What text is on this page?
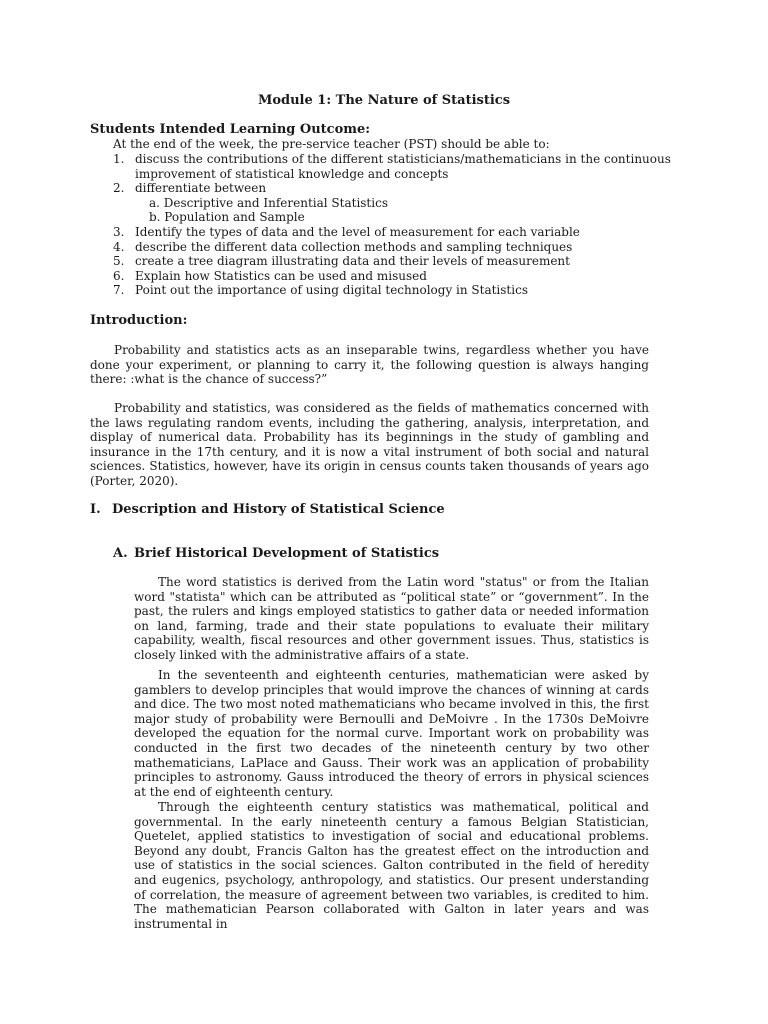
Module 1: The Nature of Statistics
Students Intended Learning Outcome:
At the end of the week, the pre-service teacher (PST) should be able to:
1. discuss the contributions of the different statisticians/mathematicians in the continuous improvement of statistical knowledge and concepts
2. differentiate between
a. Descriptive and Inferential Statistics
b. Population and Sample
3. Identify the types of data and the level of measurement for each variable
4. describe the different data collection methods and sampling techniques
5. create a tree diagram illustrating data and their levels of measurement
6. Explain how Statistics can be used and misused
7. Point out the importance of using digital technology in Statistics
Introduction:
Probability and statistics acts as an inseparable twins, regardless whether you have done your experiment, or planning to carry it, the following question is always hanging there: :what is the chance of success?”
Probability and statistics, was considered as the fields of mathematics concerned with the laws regulating random events, including the gathering, analysis, interpretation, and display of numerical data. Probability has its beginnings in the study of gambling and insurance in the 17th century, and it is now a vital instrument of both social and natural sciences. Statistics, however, have its origin in census counts taken thousands of years ago (Porter, 2020).
I. Description and History of Statistical Science
A. Brief Historical Development of Statistics
The word statistics is derived from the Latin word "status" or from the Italian word "statista" which can be attributed as “political state” or “government”. In the past, the rulers and kings employed statistics to gather data or needed information on land, farming, trade and their state populations to evaluate their military capability, wealth, fiscal resources and other government issues. Thus, statistics is closely linked with the administrative affairs of a state.
In the seventeenth and eighteenth centuries, mathematician were asked by gamblers to develop principles that would improve the chances of winning at cards and dice. The two most noted mathematicians who became involved in this, the first major study of probability were Bernoulli and DeMoivre . In the 1730s DeMoivre developed the equation for the normal curve. Important work on probability was conducted in the first two decades of the nineteenth century by two other mathematicians, LaPlace and Gauss. Their work was an application of probability principles to astronomy. Gauss introduced the theory of errors in physical sciences at the end of eighteenth century.
Through the eighteenth century statistics was mathematical, political and governmental. In the early nineteenth century a famous Belgian Statistician, Quetelet, applied statistics to investigation of social and educational problems. Beyond any doubt, Francis Galton has the greatest effect on the introduction and use of statistics in the social sciences. Galton contributed in the field of heredity and eugenics, psychology, anthropology, and statistics. Our present understanding of correlation, the measure of agreement between two variables, is credited to him. The mathematician Pearson collaborated with Galton in later years and was instrumental in
